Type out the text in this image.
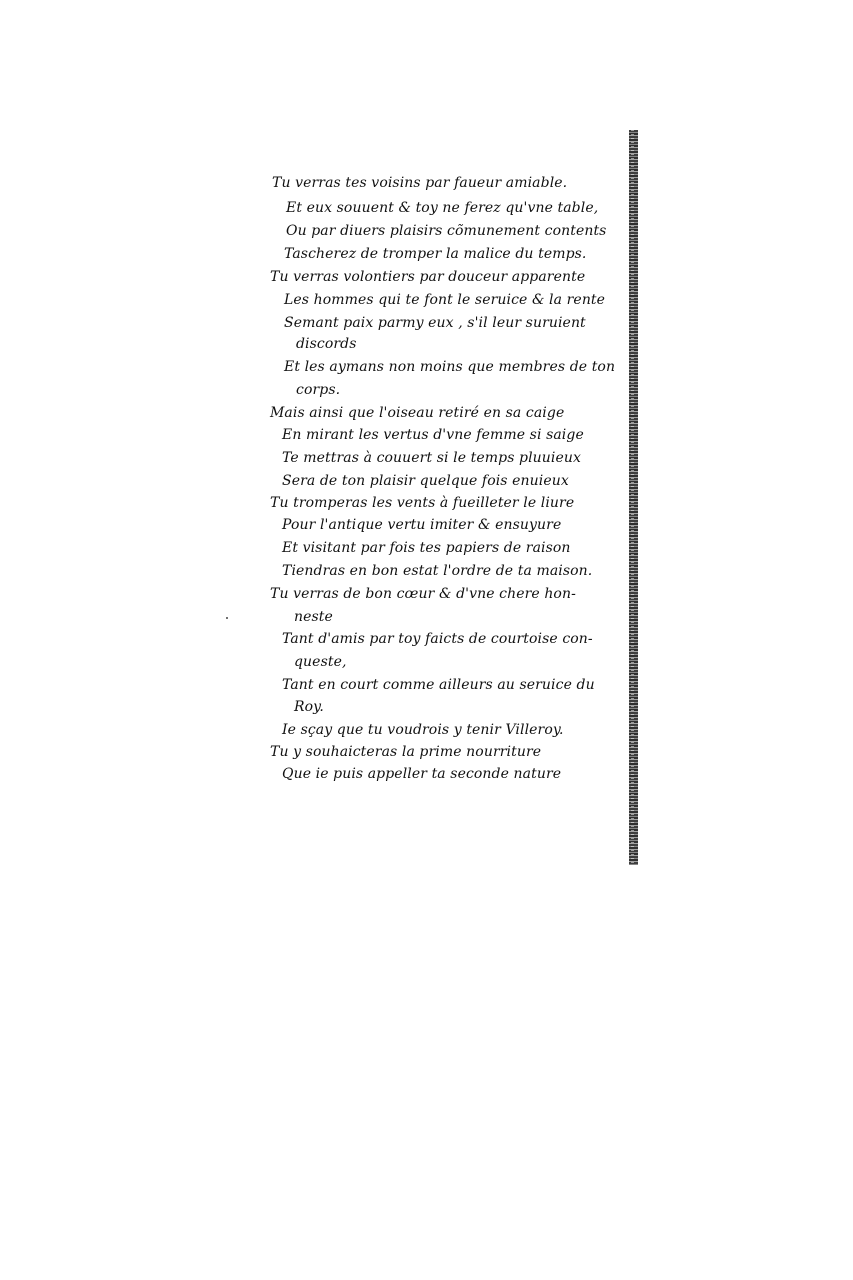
Tu verras tes voisins par faueur amiable.
Et eux souuent & toy ne ferez qu'vne table,
Ou par diuers plaisirs cõmunement contents
Tascherez de tromper la malice du temps.
Tu verras volontiers par douceur apparente
Les hommes qui te font le seruice & la rente
Semant paix parmy eux , s'il leur suruient
discords
Et les aymans non moins que membres de ton
corps.
Mais ainsi que l'oiseau retiré en sa caige
En mirant les vertus d'vne femme si saige
Te mettras à couuert si le temps pluuieux
Sera de ton plaisir quelque fois enuieux
Tu tromperas les vents à fueilleter le liure
Pour l'antique vertu imiter & ensuyure
Et visitant par fois tes papiers de raison
Tiendras en bon estat l'ordre de ta maison.
Tu verras de bon cœur & d'vne chere hon-
neste
Tant d'amis par toy faicts de courtoise con-
queste,
Tant en court comme ailleurs au seruice du
Roy.
Ie sçay que tu voudrois y tenir Villeroy.
Tu y souhaicteras la prime nourriture
Que ie puis appeller ta seconde nature
